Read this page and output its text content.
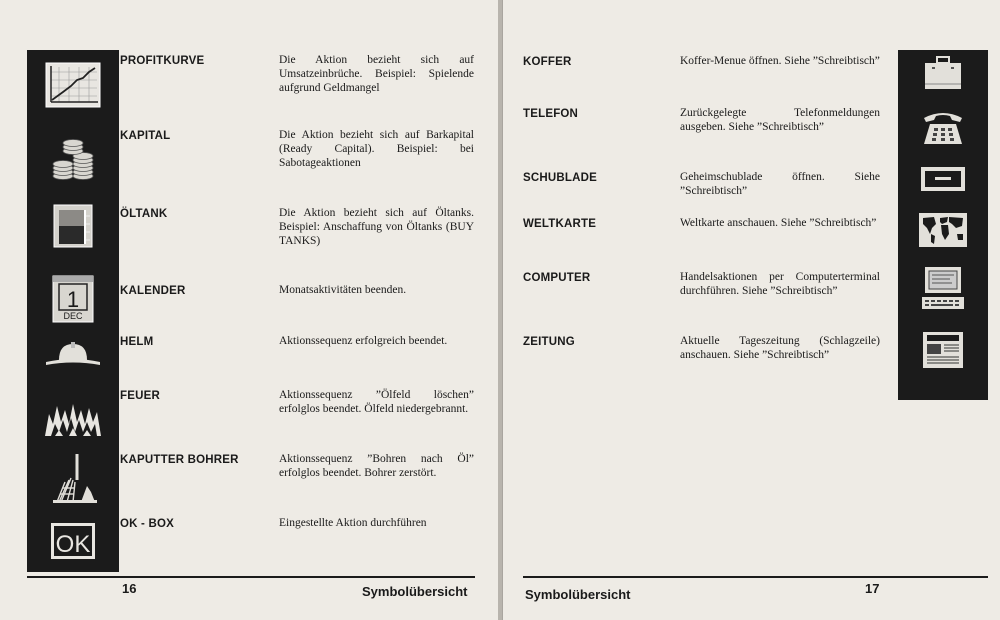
1
DEC
OK
PROFITKURVE	Die Aktion bezieht sich auf Umsatzeinbrüche. Beispiel: Spielende aufgrund Geldmangel
KAPITAL	Die Aktion bezieht sich auf Barkapital (Ready Capital). Beispiel: bei Sabotageaktionen
ÖLTANK	Die Aktion bezieht sich auf Öltanks. Beispiel: Anschaffung von Öltanks (BUY TANKS)
KALENDER	Monatsaktivitäten beenden.
HELM	Aktionssequenz erfolgreich beendet.
FEUER	Aktionssequenz ”Ölfeld löschen” erfolglos beendet. Ölfeld niedergebrannt.
KAPUTTER BOHRER	Aktionssequenz ”Bohren nach Öl” erfolglos beendet. Bohrer zerstört.
OK - BOX	Eingestellte Aktion durchführen
16	Symbolübersicht
KOFFER	Koffer-Menue öffnen. Siehe ”Schreibtisch”
TELEFON	Zurückgelegte Telefonmeldungen ausgeben. Siehe ”Schreibtisch”
SCHUBLADE	Geheimschublade öffnen. Siehe ”Schreibtisch”
WELTKARTE	Weltkarte anschauen. Siehe ”Schreibtisch”
COMPUTER	Handelsaktionen per Computerterminal durchführen. Siehe ”Schreibtisch”
ZEITUNG	Aktuelle Tageszeitung (Schlagzeile) anschauen. Siehe ”Schreibtisch”
Symbolübersicht	17
